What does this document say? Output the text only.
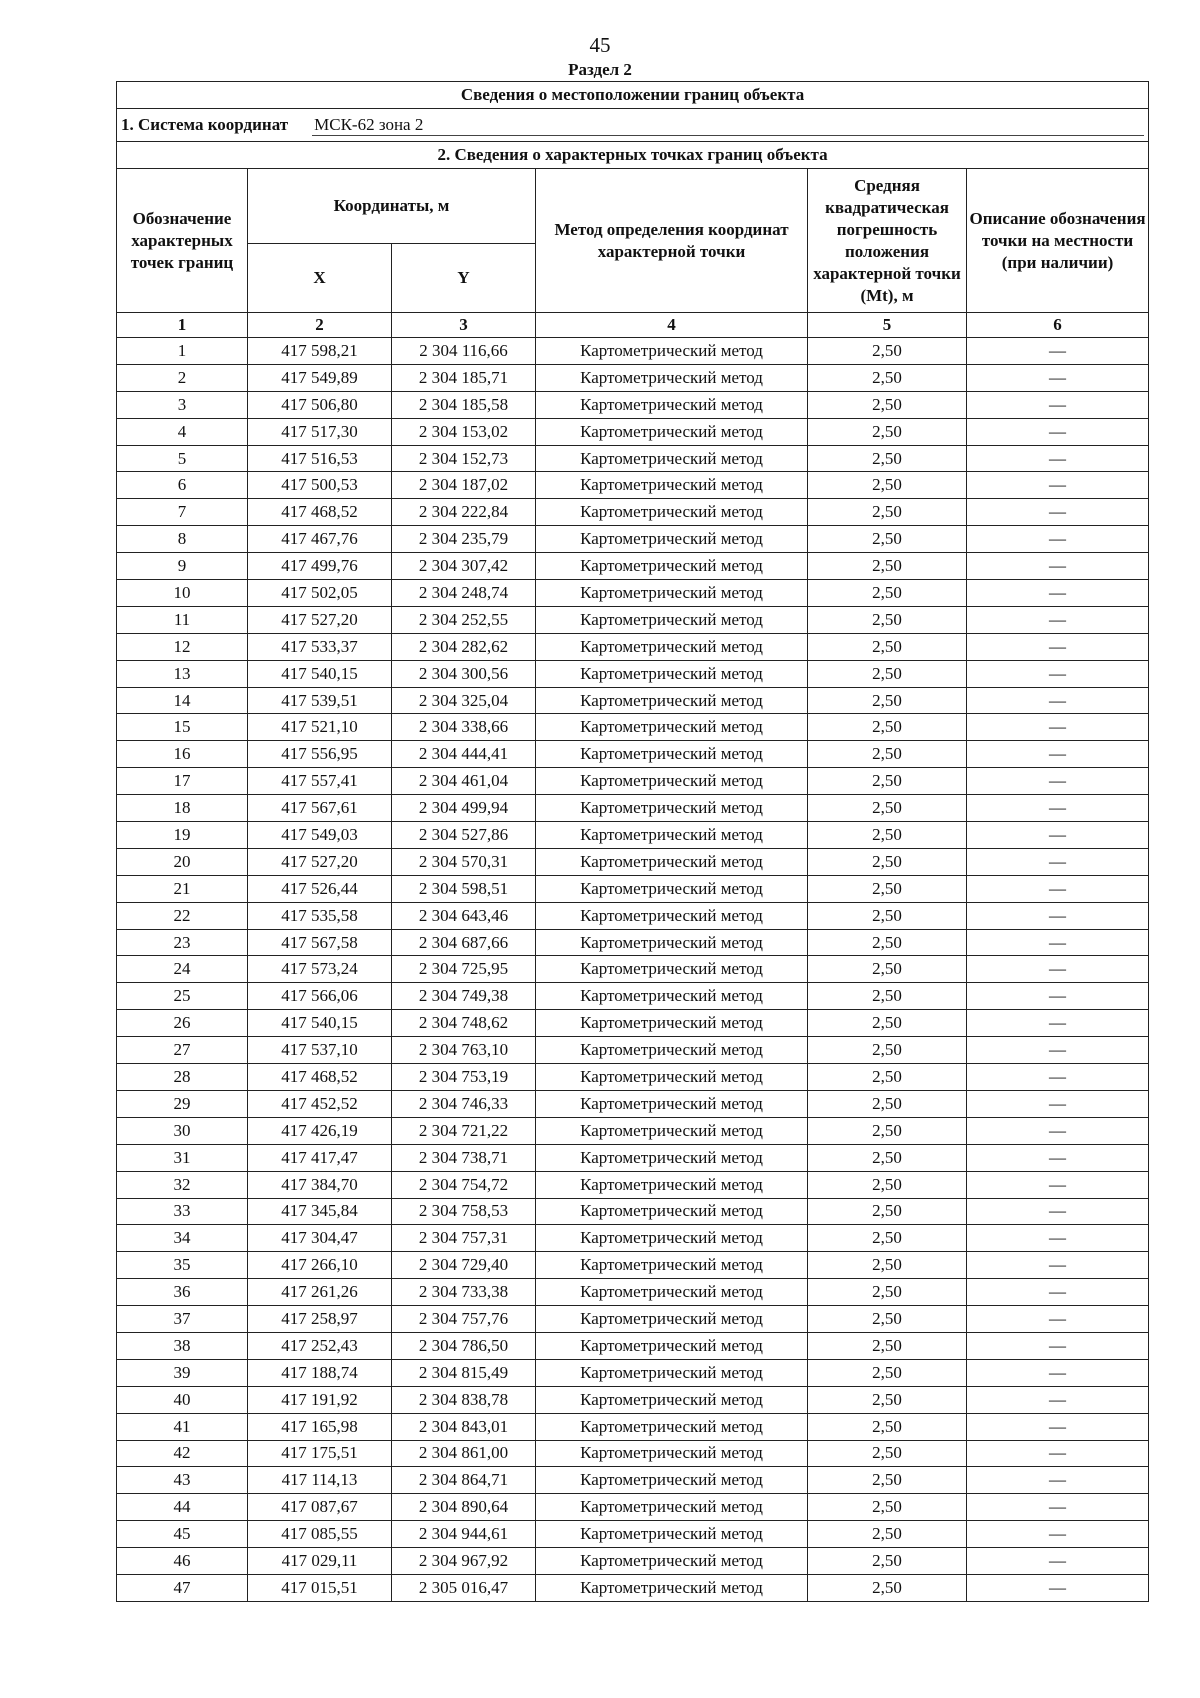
45
Раздел 2
Сведения о местоположении границ объекта					
1. Система координат МСК-62 зона 2					
2. Сведения о характерных точках границ объекта					
Обозначение характерных точек границ	Координаты, м		Метод определения координат характерной точки	Средняя квадратическая погрешность положения характерной точки (Mt), м	Описание обозначения точки на местности (при наличии)
	X	Y			
1	2	3	4	5	6
1	417 598,21	2 304 116,66	Картометрический метод	2,50	—
2	417 549,89	2 304 185,71	Картометрический метод	2,50	—
3	417 506,80	2 304 185,58	Картометрический метод	2,50	—
4	417 517,30	2 304 153,02	Картометрический метод	2,50	—
5	417 516,53	2 304 152,73	Картометрический метод	2,50	—
6	417 500,53	2 304 187,02	Картометрический метод	2,50	—
7	417 468,52	2 304 222,84	Картометрический метод	2,50	—
8	417 467,76	2 304 235,79	Картометрический метод	2,50	—
9	417 499,76	2 304 307,42	Картометрический метод	2,50	—
10	417 502,05	2 304 248,74	Картометрический метод	2,50	—
11	417 527,20	2 304 252,55	Картометрический метод	2,50	—
12	417 533,37	2 304 282,62	Картометрический метод	2,50	—
13	417 540,15	2 304 300,56	Картометрический метод	2,50	—
14	417 539,51	2 304 325,04	Картометрический метод	2,50	—
15	417 521,10	2 304 338,66	Картометрический метод	2,50	—
16	417 556,95	2 304 444,41	Картометрический метод	2,50	—
17	417 557,41	2 304 461,04	Картометрический метод	2,50	—
18	417 567,61	2 304 499,94	Картометрический метод	2,50	—
19	417 549,03	2 304 527,86	Картометрический метод	2,50	—
20	417 527,20	2 304 570,31	Картометрический метод	2,50	—
21	417 526,44	2 304 598,51	Картометрический метод	2,50	—
22	417 535,58	2 304 643,46	Картометрический метод	2,50	—
23	417 567,58	2 304 687,66	Картометрический метод	2,50	—
24	417 573,24	2 304 725,95	Картометрический метод	2,50	—
25	417 566,06	2 304 749,38	Картометрический метод	2,50	—
26	417 540,15	2 304 748,62	Картометрический метод	2,50	—
27	417 537,10	2 304 763,10	Картометрический метод	2,50	—
28	417 468,52	2 304 753,19	Картометрический метод	2,50	—
29	417 452,52	2 304 746,33	Картометрический метод	2,50	—
30	417 426,19	2 304 721,22	Картометрический метод	2,50	—
31	417 417,47	2 304 738,71	Картометрический метод	2,50	—
32	417 384,70	2 304 754,72	Картометрический метод	2,50	—
33	417 345,84	2 304 758,53	Картометрический метод	2,50	—
34	417 304,47	2 304 757,31	Картометрический метод	2,50	—
35	417 266,10	2 304 729,40	Картометрический метод	2,50	—
36	417 261,26	2 304 733,38	Картометрический метод	2,50	—
37	417 258,97	2 304 757,76	Картометрический метод	2,50	—
38	417 252,43	2 304 786,50	Картометрический метод	2,50	—
39	417 188,74	2 304 815,49	Картометрический метод	2,50	—
40	417 191,92	2 304 838,78	Картометрический метод	2,50	—
41	417 165,98	2 304 843,01	Картометрический метод	2,50	—
42	417 175,51	2 304 861,00	Картометрический метод	2,50	—
43	417 114,13	2 304 864,71	Картометрический метод	2,50	—
44	417 087,67	2 304 890,64	Картометрический метод	2,50	—
45	417 085,55	2 304 944,61	Картометрический метод	2,50	—
46	417 029,11	2 304 967,92	Картометрический метод	2,50	—
47	417 015,51	2 305 016,47	Картометрический метод	2,50	—
